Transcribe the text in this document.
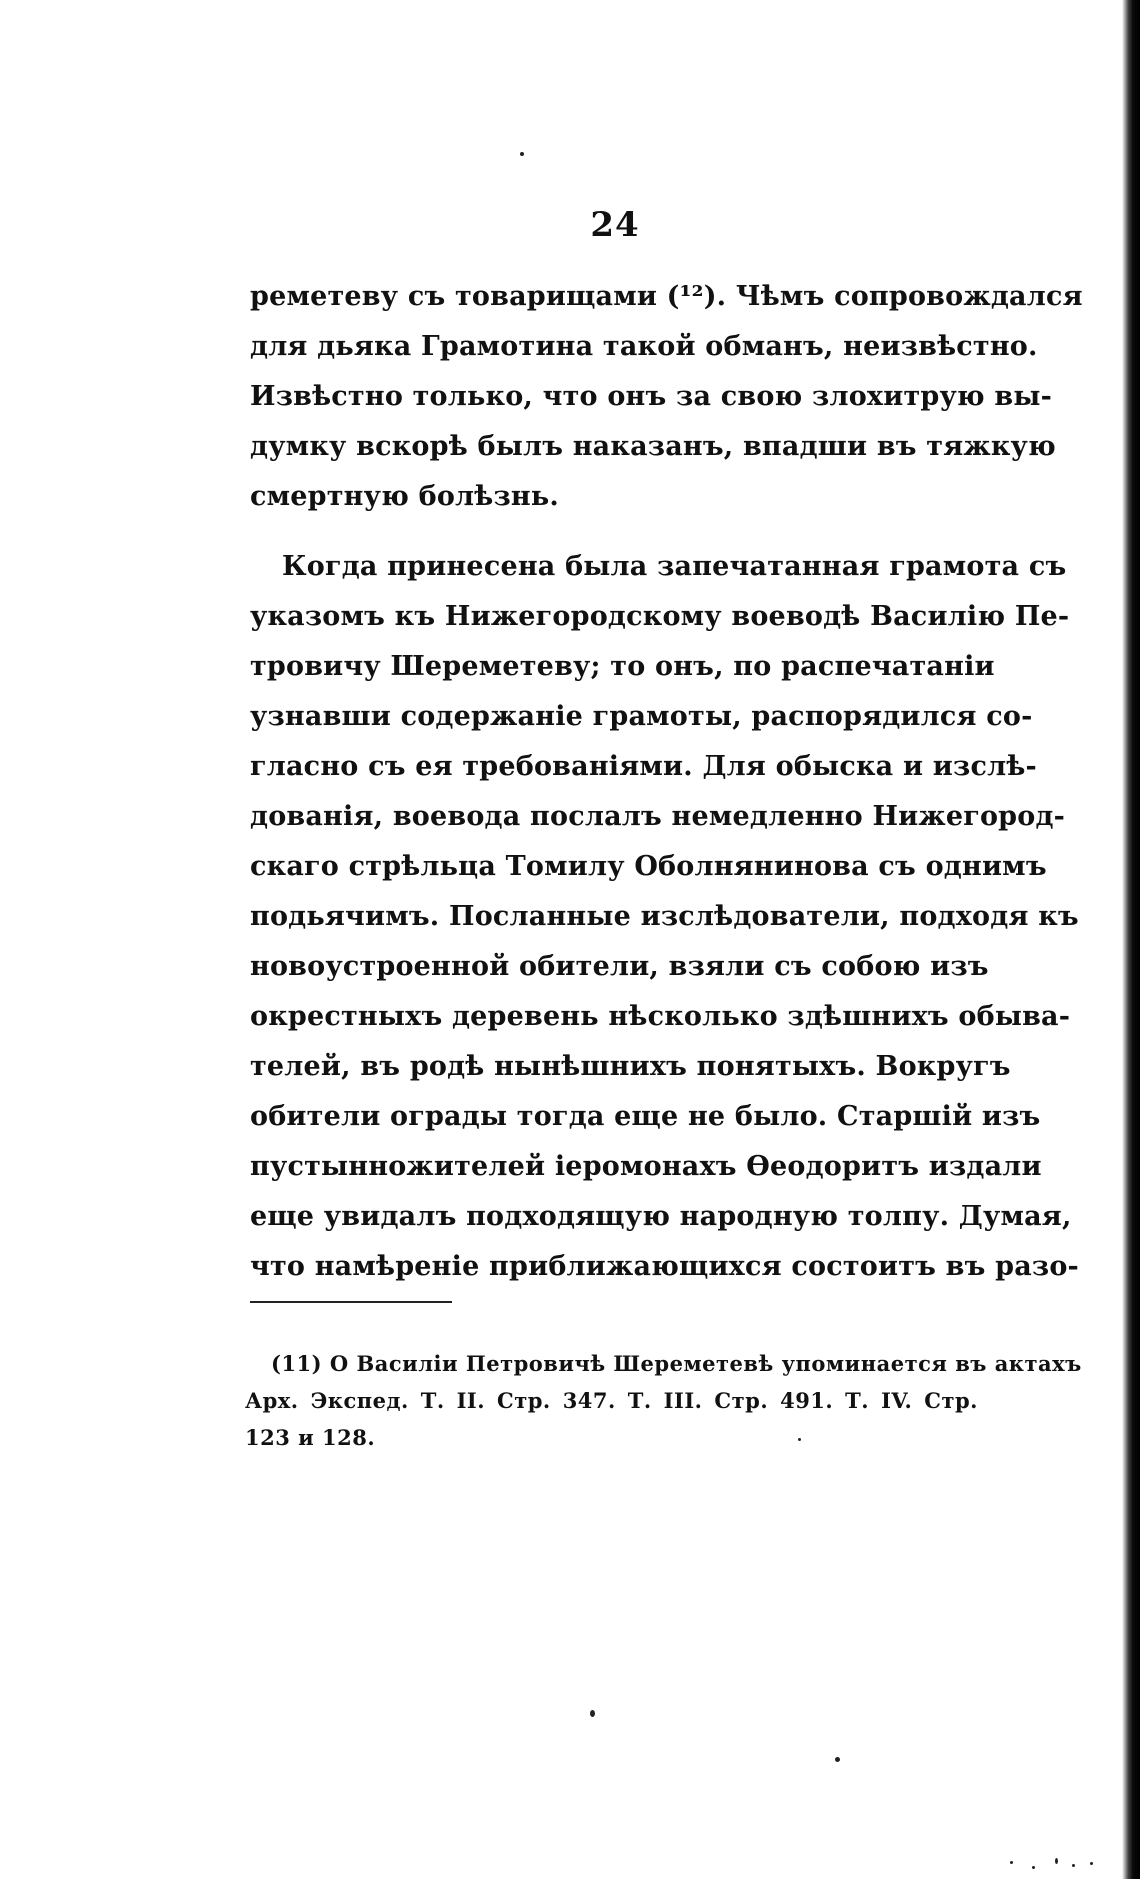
24
реметеву съ товарищами (¹²). Чѣмъ сопровождался
для дьяка Грамотина такой обманъ, неизвѣстно.
Извѣстно только, что онъ за свою злохитрую вы-
думку вскорѣ былъ наказанъ, впадши въ тяжкую
смертную болѣзнь.
Когда принесена была запечатанная грамота съ
указомъ къ Нижегородскому воеводѣ Василію Пе-
тровичу Шереметеву; то онъ, по распечатаніи
узнавши содержаніе грамоты, распорядился со-
гласно съ ея требованіями. Для обыска и изслѣ-
дованія, воевода послалъ немедленно Нижегород-
скаго стрѣльца Томилу Оболнянинова съ однимъ
подьячимъ. Посланные изслѣдователи, подходя къ
новоустроенной обители, взяли съ собою изъ
окрестныхъ деревень нѣсколько здѣшнихъ обыва-
телей, въ родѣ нынѣшнихъ понятыхъ. Вокругъ
обители ограды тогда еще не было. Старшій изъ
пустынножителей іеромонахъ Ѳеодоритъ издали
еще увидалъ подходящую народную толпу. Думая,
что намѣреніе приближающихся состоитъ въ разо-
(11) О Василіи Петровичѣ Шереметевѣ упоминается въ актахъ
Арх. Экспед. Т. II. Стр. 347. Т. III. Стр. 491. Т. IV. Стр.
123 и 128.
